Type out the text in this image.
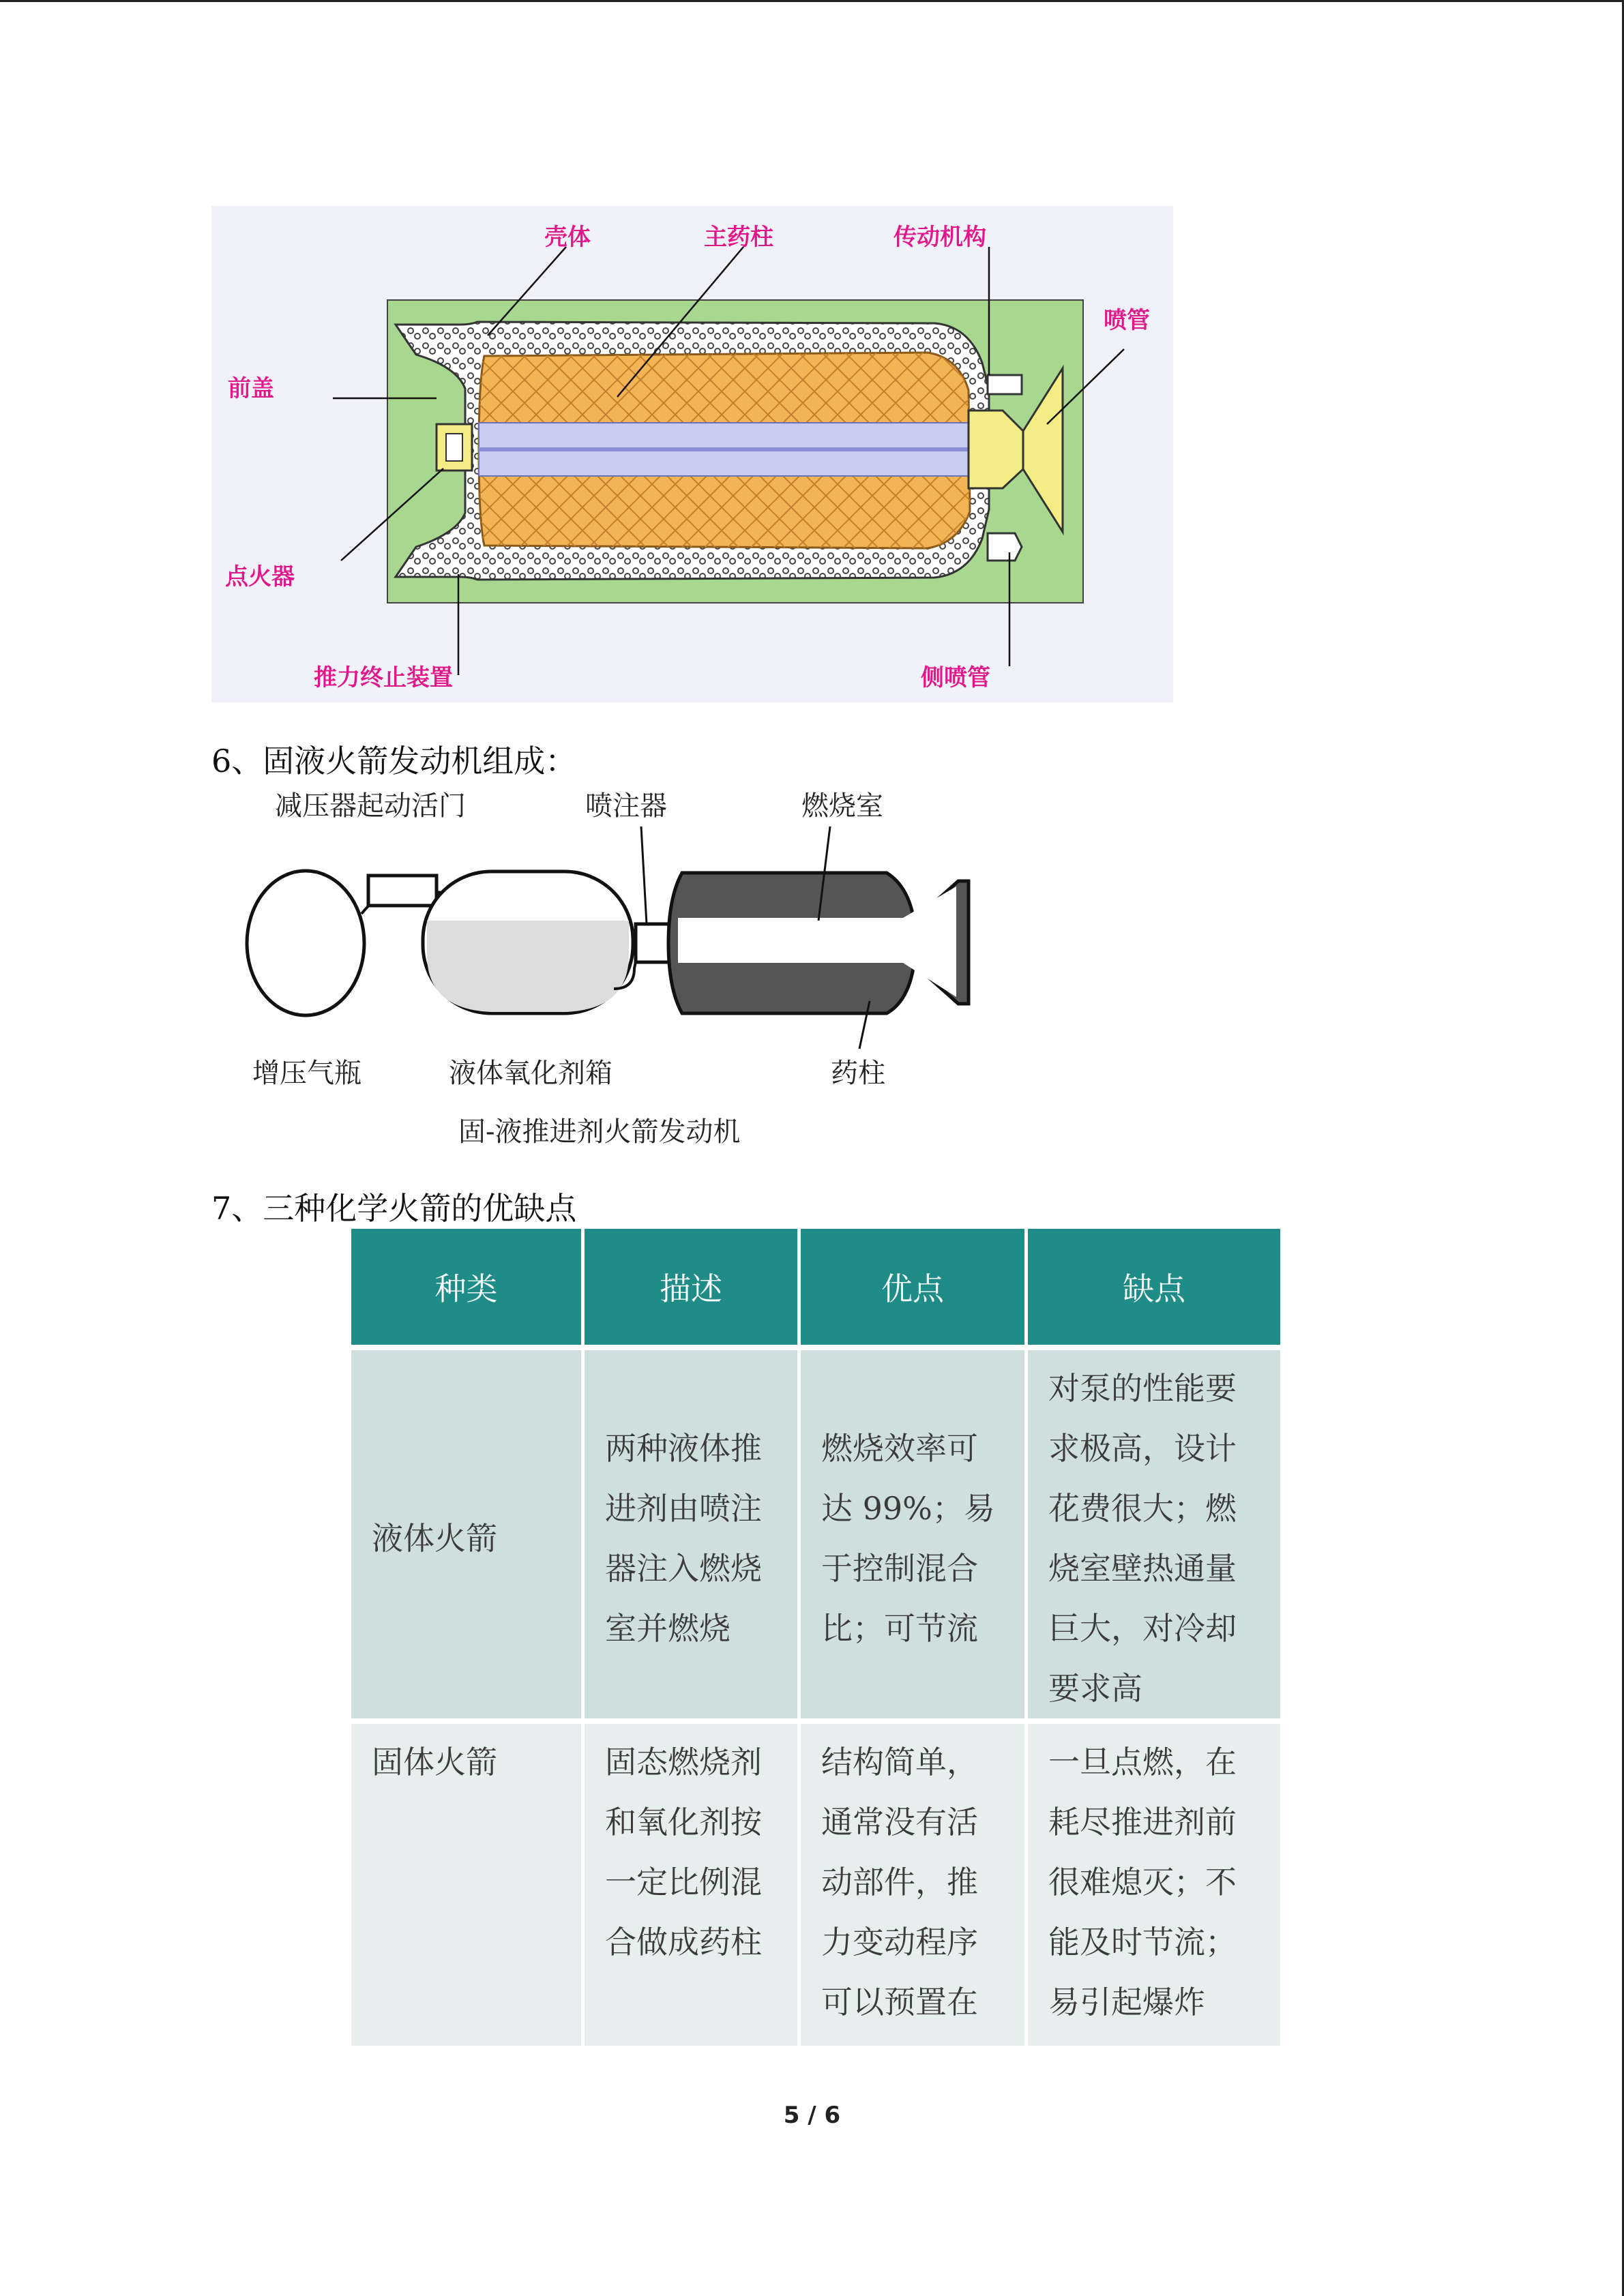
壳体	主药柱	传动机构
喷管
前盖
点火器
推力终止装置	侧喷管
6、固液火箭发动机组成：
减压器起动活门	喷注器	燃烧室
增压气瓶	液体氧化剂箱	药柱
固-液推进剂火箭发动机
7、三种化学火箭的优缺点
种类	描述	优点	缺点
液体火箭	两种液体推进剂由喷注器注入燃烧室并燃烧	燃烧效率可达 99%；易于控制混合比；可节流	对泵的性能要求极高，设计花费很大；燃烧室壁热通量巨大，对冷却要求高
固体火箭	固态燃烧剂和氧化剂按一定比例混合做成药柱	结构简单，通常没有活动部件，推力变动程序可以预置在	一旦点燃，在耗尽推进剂前很难熄灭；不能及时节流；易引起爆炸
5 / 6
